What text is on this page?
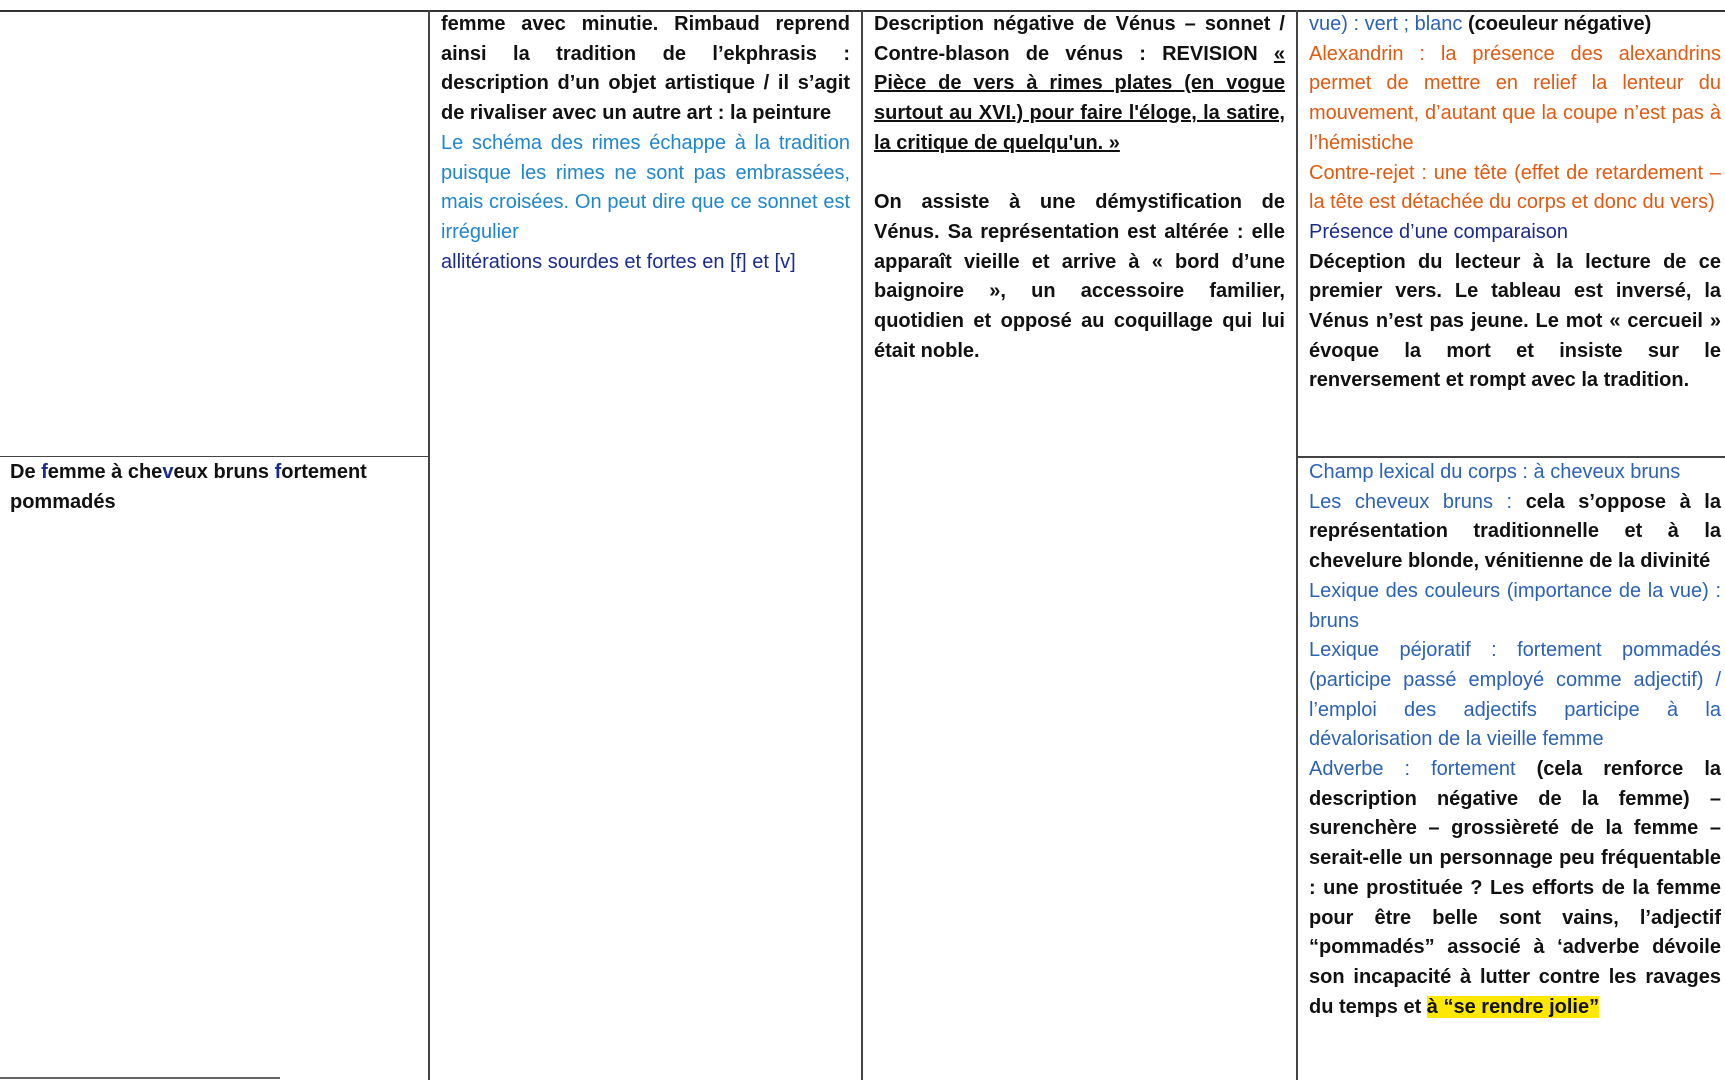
femme avec minutie. Rimbaud reprend ainsi la tradition de l’ekphrasis : description d’un objet artistique / il s’agit de rivaliser avec un autre art : la peinture

Le schéma des rimes échappe à la tradition puisque les rimes ne sont pas embrassées, mais croisées. On peut dire que ce sonnet est irrégulier

allitérations sourdes et fortes en [f] et [v]

Description négative de Vénus – sonnet / Contre-blason de vénus : REVISION « Pièce de vers à rimes plates (en vogue surtout au XVI.) pour faire l'éloge, la satire, la critique de quelqu'un. »

On assiste à une démystification de Vénus. Sa représentation est altérée : elle apparaît vieille et arrive à « bord d’une baignoire », un accessoire familier, quotidien et opposé au coquillage qui lui était noble.

vue) : vert ; blanc (coeuleur négative)

Alexandrin : la présence des alexandrins permet de mettre en relief la lenteur du mouvement, d’autant que la coupe n’est pas à l’hémistiche

Contre-rejet : une tête (effet de retardement – la tête est détachée du corps et donc du vers)

Présence d’une comparaison

Déception du lecteur à la lecture de ce premier vers. Le tableau est inversé, la Vénus n’est pas jeune. Le mot « cercueil » évoque la mort et insiste sur le renversement et rompt avec la tradition.

De femme à cheveux bruns fortement pommadés

Champ lexical du corps : à cheveux bruns

Les cheveux bruns : cela s’oppose à la représentation traditionnelle et à la chevelure blonde, vénitienne de la divinité

Lexique des couleurs (importance de la vue) : bruns

Lexique péjoratif : fortement pommadés (participe passé employé comme adjectif) / l’emploi des adjectifs participe à la dévalorisation de la vieille femme

Adverbe : fortement (cela renforce la description négative de la femme) – surenchère – grossièreté de la femme – serait-elle un personnage peu fréquentable : une prostituée ? Les efforts de la femme pour être belle sont vains, l’adjectif “pommadés” associé à ‘adverbe dévoile son incapacité à lutter contre les ravages du temps et à “se rendre jolie”
